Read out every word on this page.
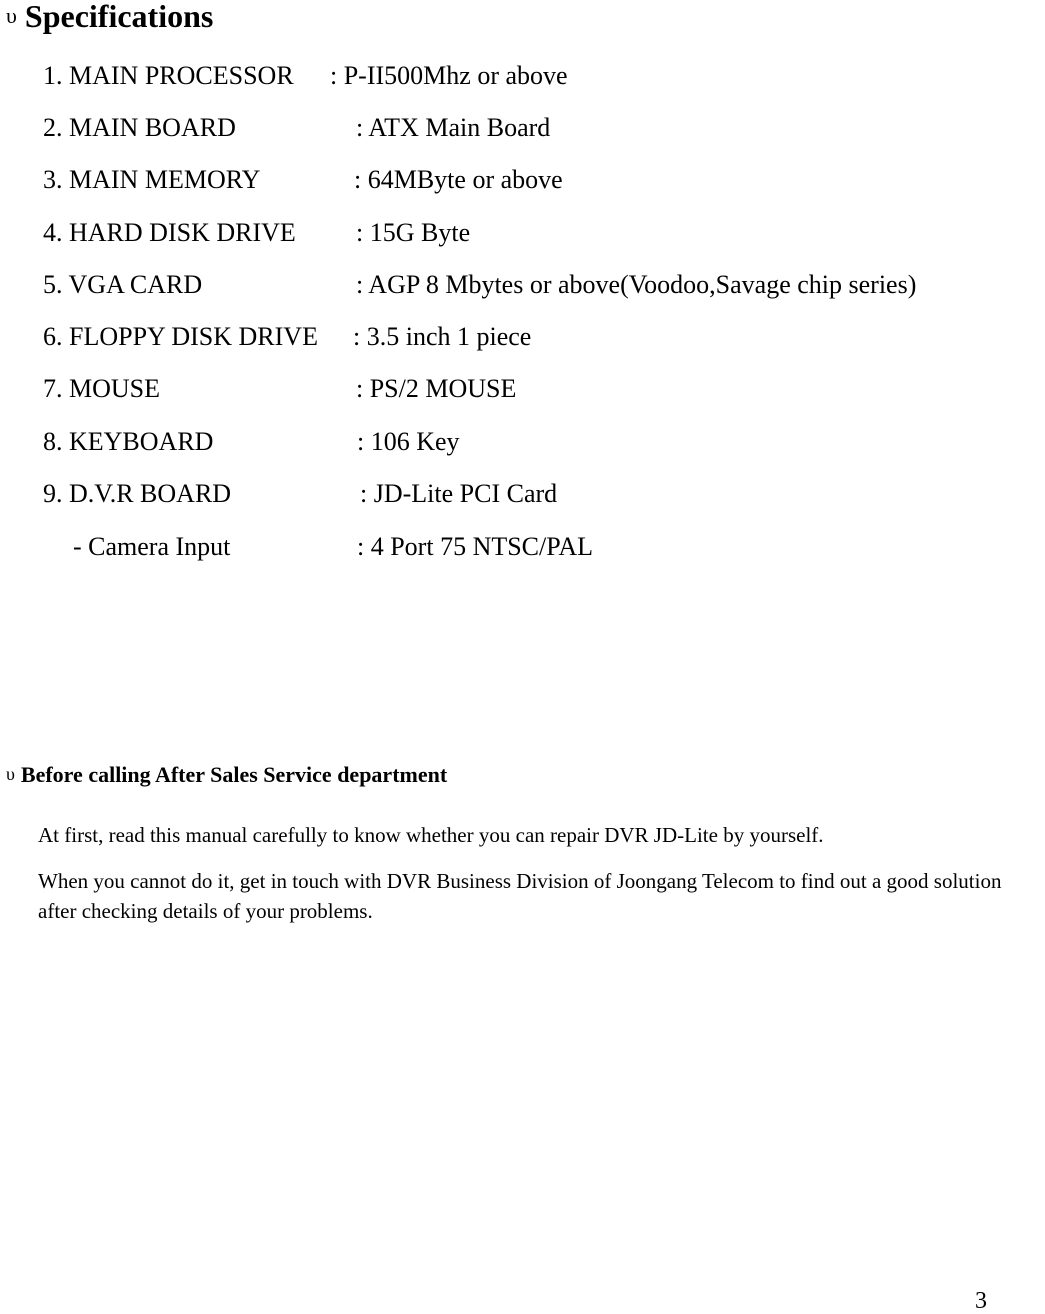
υ Specifications
1. MAIN PROCESSOR : P-II500Mhz or above
2. MAIN BOARD	: ATX Main Board
3. MAIN MEMORY	: 64MByte or above
4. HARD DISK DRIVE : 15G Byte
5. VGA CARD	: AGP 8 Mbytes or above(Voodoo,Savage chip series)
6. FLOPPY DISK DRIVE : 3.5 inch 1 piece
7. MOUSE	: PS/2 MOUSE
8. KEYBOARD	: 106 Key
9. D.V.R BOARD	: JD-Lite PCI Card
- Camera Input	: 4 Port 75 NTSC/PAL
υ Before calling After Sales Service department
At first, read this manual carefully to know whether you can repair DVR JD-Lite by yourself.
When you cannot do it, get in touch with DVR Business Division of Joongang Telecom to find out a good solution after checking details of your problems.
3
